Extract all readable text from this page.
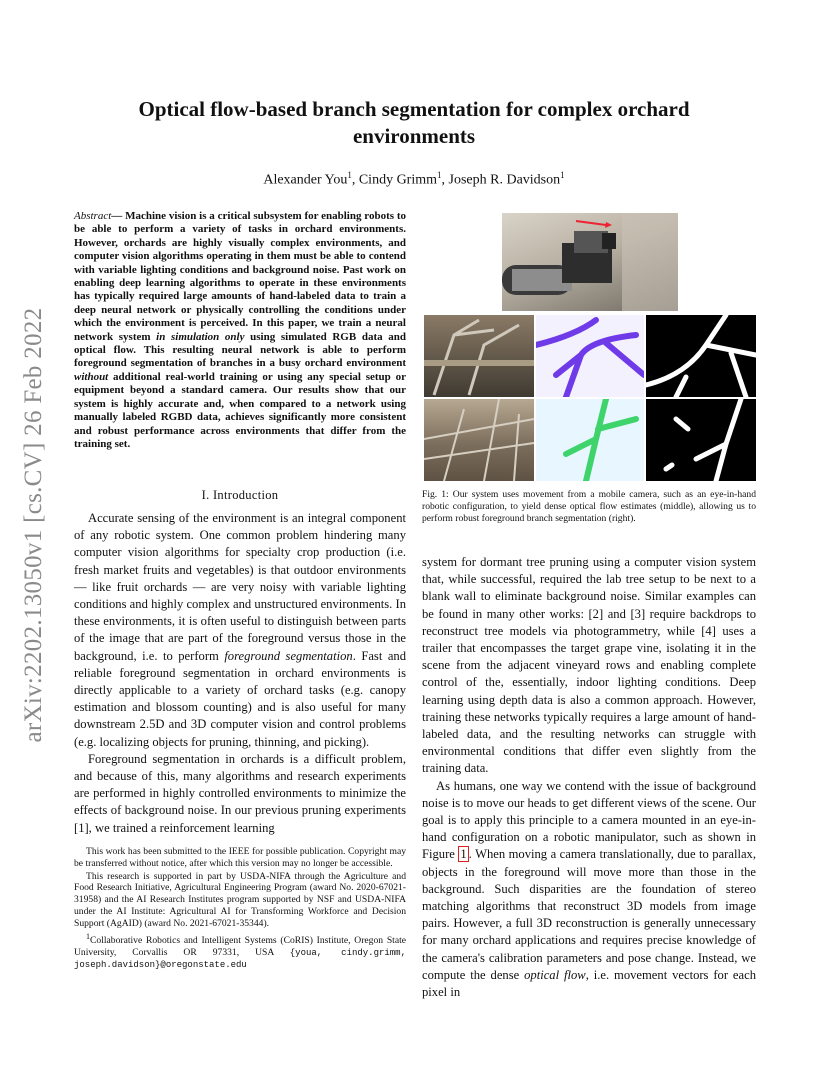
arXiv:2202.13050v1 [cs.CV] 26 Feb 2022
Optical flow-based branch segmentation for complex orchard environments
Alexander You$^1$, Cindy Grimm$^1$, Joseph R. Davidson$^1$
Abstract— Machine vision is a critical subsystem for enabling robots to be able to perform a variety of tasks in orchard environments. However, orchards are highly visually complex environments, and computer vision algorithms operating in them must be able to contend with variable lighting conditions and background noise. Past work on enabling deep learning algorithms to operate in these environments has typically required large amounts of hand-labeled data to train a deep neural network or physically controlling the conditions under which the environment is perceived. In this paper, we train a neural network system in simulation only using simulated RGB data and optical flow. This resulting neural network is able to perform foreground segmentation of branches in a busy orchard environment without additional real-world training or using any special setup or equipment beyond a standard camera. Our results show that our system is highly accurate and, when compared to a network using manually labeled RGBD data, achieves significantly more consistent and robust performance across environments that differ from the training set.
Fig. 1: Our system uses movement from a mobile camera, such as an eye-in-hand robotic configuration, to yield dense optical flow estimates (middle), allowing us to perform robust foreground branch segmentation (right).
I. Introduction

Accurate sensing of the environment is an integral component of any robotic system. One common problem hindering many computer vision algorithms for specialty crop production (i.e. fresh market fruits and vegetables) is that outdoor environments — like fruit orchards — are very noisy with variable lighting conditions and highly complex and unstructured environments. In these environments, it is often useful to distinguish between parts of the image that are part of the foreground versus those in the background, i.e. to perform foreground segmentation. Fast and reliable foreground segmentation in orchard environments is directly applicable to a variety of orchard tasks (e.g. canopy estimation and blossom counting) and is also useful for many downstream 2.5D and 3D computer vision and control problems (e.g. localizing objects for pruning, thinning, and picking).

Foreground segmentation in orchards is a difficult problem, and because of this, many algorithms and research experiments are performed in highly controlled environments to minimize the effects of background noise. In our previous pruning experiments [1], we trained a reinforcement learning

This work has been submitted to the IEEE for possible publication. Copyright may be transferred without notice, after which this version may no longer be accessible.

This research is supported in part by USDA-NIFA through the Agriculture and Food Research Initiative, Agricultural Engineering Program (award No. 2020-67021-31958) and the AI Research Institutes program supported by NSF and USDA-NIFA under the AI Institute: Agricultural AI for Transforming Workforce and Decision Support (AgAID) (award No. 2021-67021-35344).

$^1$Collaborative Robotics and Intelligent Systems (CoRIS) Institute, Oregon State University, Corvallis OR 97331, USA {youa, cindy.grimm, joseph.davidson}@oregonstate.edu

system for dormant tree pruning using a computer vision system that, while successful, required the lab tree setup to be next to a blank wall to eliminate background noise. Similar examples can be found in many other works: [2] and [3] require backdrops to reconstruct tree models via photogrammetry, while [4] uses a trailer that encompasses the target grape vine, isolating it in the scene from the adjacent vineyard rows and enabling complete control of the, essentially, indoor lighting conditions. Deep learning using depth data is also a common approach. However, training these networks typically requires a large amount of hand-labeled data, and the resulting networks can struggle with environmental conditions that differ even slightly from the training data.

As humans, one way we contend with the issue of background noise is to move our heads to get different views of the scene. Our goal is to apply this principle to a camera mounted in an eye-in-hand configuration on a robotic manipulator, such as shown in Figure 1 . When moving a camera translationally, due to parallax, objects in the foreground will move more than those in the background. Such disparities are the foundation of stereo matching algorithms that reconstruct 3D models from image pairs. However, a full 3D reconstruction is generally unnecessary for many orchard applications and requires precise knowledge of the camera's calibration parameters and pose change. Instead, we compute the dense optical flow, i.e. movement vectors for each pixel in
